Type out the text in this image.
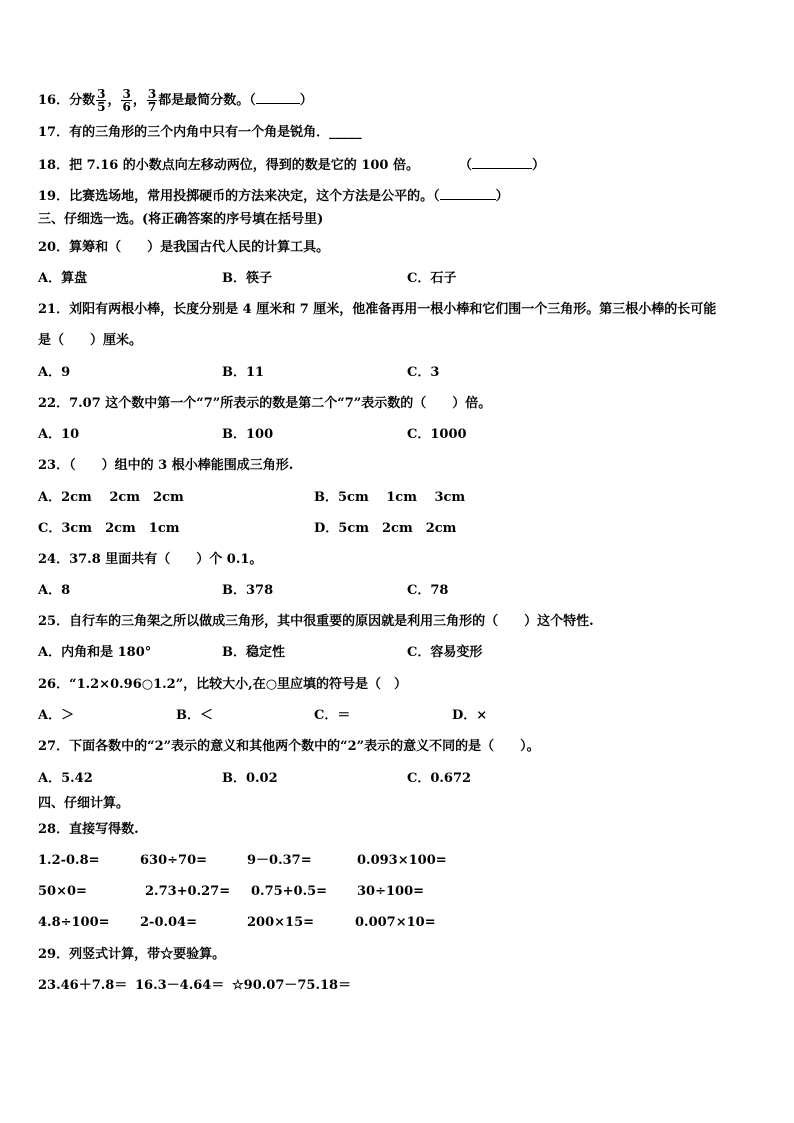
16．分数 $\frac{3}{5}$ ， $\frac{3}{6}$ ， $\frac{3}{7}$ 都是最简分数。（	）
17．有的三角形的三个内角中只有一个角是锐角．_____
18．把 7.16 的小数点向左移动两位，得到的数是它的 100 倍。	（	）
19．比赛选场地，常用投掷硬币的方法来决定，这个方法是公平的。（	）
三、仔细选一选。(将正确答案的序号填在括号里)
20．算筹和（　　）是我国古代人民的计算工具。
A．算盘	B．筷子	C．石子
21．刘阳有两根小棒，长度分别是 4 厘米和 7 厘米，他准备再用一根小棒和它们围一个三角形。第三根小棒的长可能
是（　　）厘米。
A．9	B．11	C．3
22．7.07 这个数中第一个“7”所表示的数是第二个“7”表示数的（　　）倍。
A．10	B．100	C．1000
23．（　　）组中的 3 根小棒能围成三角形.
A．2cm　 2cm　2cm	B．5cm　 1cm　 3cm
C．3cm　2cm　1cm	D．5cm　2cm　2cm
24．37.8 里面共有（　　）个 0.1。
A．8	B．378	C．78
25．自行车的三角架之所以做成三角形，其中很重要的原因就是利用三角形的（　　）这个特性.
A．内角和是 180°	B．稳定性	C．容易变形
26．“1.2×0.96○1.2”，比较大小,在○里应填的符号是（　）
A．＞	B．＜	C．＝	D．×
27．下面各数中的“2”表示的意义和其他两个数中的“2”表示的意义不同的是（　　）。
A．5.42	B．0.02	C．0.672
四、仔细计算。
28．直接写得数.
1.2-0.8=	630÷70=	9－0.37=	0.093×100=
50×0=	2.73+0.27= 0.75+0.5= 30÷100=
4.8÷100= 2-0.04=	200×15=	0.007×10=
29．列竖式计算，带☆要验算。
23.46＋7.8＝ 16.3－4.64＝ ☆90.07－75.18＝
